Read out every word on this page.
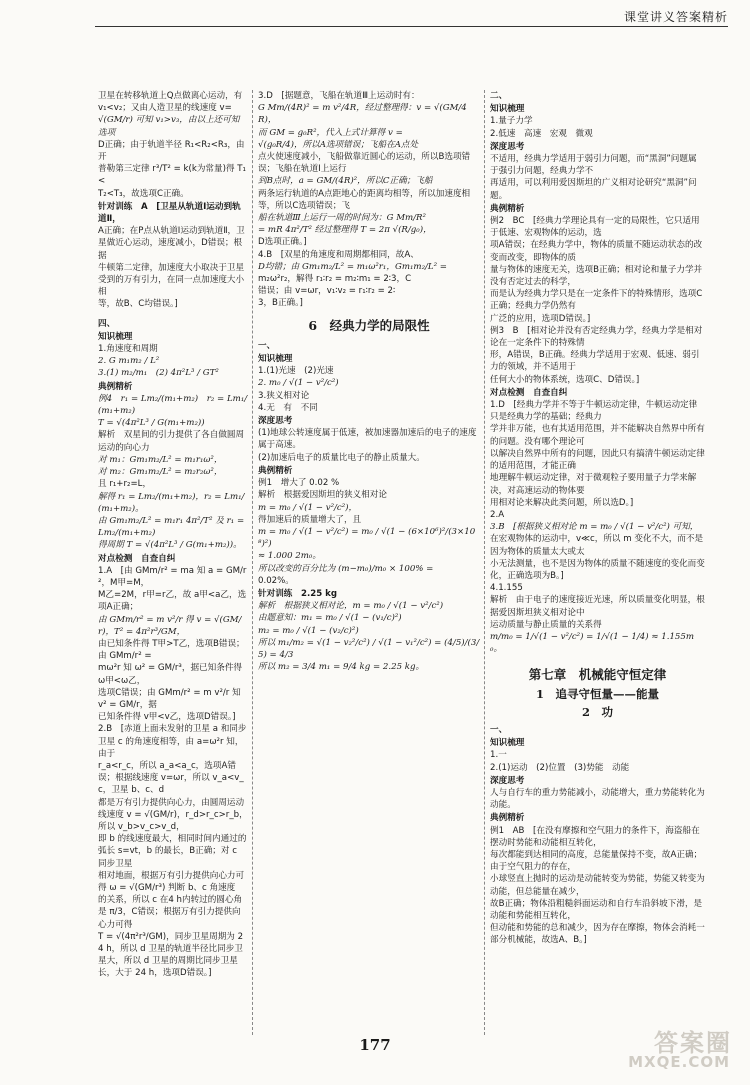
课堂讲义答案精析
卫星在转移轨道上Q点做离心运动，有 v₁<v₂；又由人造卫星的线速度 v=
√(GM/r) 可知 v₁>v₃，由以上还可知选项
D正确；由于轨道半径 R₁<R₂<R₃，由开
普勒第三定律 r³/T² = k(k为常量)得 T₁<
T₂<T₃，故选项C正确。
针对训练　A　[卫星从轨道Ⅰ运动到轨道Ⅱ，
A正确；在P点从轨道Ⅰ运动到轨道Ⅱ，卫星做近心运动，速度减小，D错误；根据
牛顿第二定律，加速度大小取决于卫星受到的万有引力，在同一点加速度大小相
等，故B、C均错误。]
四、
知识梳理
1.角速度和周期
2. G m₁m₂ / L²
3.(1) m₂/m₁　(2) 4π²L³ / GT²
典例精析
例4　r₁ = Lm₂/(m₁+m₂)　r₂ = Lm₁/(m₁+m₂)
T = √(4π²L³ / G(m₁+m₂))
解析　双星间的引力提供了各自做圆周运动的向心力
对 m₁：Gm₁m₂/L² = m₁r₁ω²，
对 m₂：Gm₁m₂/L² = m₂r₂ω²，
且 r₁+r₂=L，
解得 r₁ = Lm₂/(m₁+m₂)，r₂ = Lm₁/(m₁+m₂)。
由 Gm₁m₂/L² = m₁r₁ 4π²/T² 及 r₁ = Lm₂/(m₁+m₂)
得周期 T = √(4π²L³ / G(m₁+m₂))。
对点检测　自查自纠
1.A　[由 GMm/r² = ma 知 a = GM/r²，M甲=M，
M乙=2M，r甲=r乙，故 a甲<a乙，选项A正确；
由 GMm/r² = m v²/r 得 v = √(GM/r)，T² = 4π²r³/GM，
由已知条件得 T甲>T乙，选项B错误；由 GMm/r² =
mω²r 知 ω² = GM/r³，据已知条件得 ω甲<ω乙，
选项C错误；由 GMm/r² = m v²/r 知 v² = GM/r，据
已知条件得 v甲<v乙，选项D错误。]
2.B　[赤道上面未发射的卫星 a 和同步卫星 c 的角速度相等，由 a=ω²r 知，由于
r_a<r_c，所以 a_a<a_c，选项A错误；根据线速度 v=ωr，所以 v_a<v_c，卫星 b、c、d
都是万有引力提供向心力，由圆周运动线速度 v = √(GM/r)，r_d>r_c>r_b，所以 v_b>v_c>v_d，
即 b 的线速度最大，相同时间内通过的弧长 s=vt，b 的最长，B正确；对 c 同步卫星
相对地面，根据万有引力提供向心力可得 ω = √(GM/r³) 判断 b、c 角速度
的关系，所以 c 在4 h内转过的圆心角是 π/3，C错误；根据万有引力提供向心力可得
T = √(4π²r³/GM)，同步卫星周期为 24 h，所以 d 卫星的轨道半径比同步卫星大，所以 d 卫星的周期比同步卫星长，大于 24 h，选项D错误。]
3.D　[据题意，飞船在轨道Ⅲ上运动时有：
G Mm/(4R)² = m v²/4R，经过整理得：v = √(GM/4R)，
而 GM = g₀R²，代入上式计算得 v =
√(g₀R/4)，所以A选项错误；飞船在A点处
点火使速度减小，飞船做靠近圆心的运动，所以B选项错误；飞船在轨道Ⅰ上运行
到B点时，a = GM/(4R)²，所以C正确；飞船
两条运行轨道的A点距地心的距离均相等，所以加速度相等，所以C选项错误；飞
船在轨道Ⅲ上运行一周的时间为：G Mm/R²
= mR 4π²/T² 经过整理得 T = 2π √(R/g₀)，
D选项正确。]
4.B　[双星的角速度和周期都相同，故A、
D均错；由 Gm₁m₂/L² = m₁ω²r₁，Gm₁m₂/L² =
m₂ω²r₂，解得 r₁∶r₂ = m₂∶m₁ = 2∶3，C
错误；由 v=ωr，v₁∶v₂ = r₁∶r₂ = 2∶
3，B正确。]
6　经典力学的局限性
一、
知识梳理
1.(1)光速　(2)光速
2. m₀ / √(1 − v²/c²)
3.狭义相对论
4.无　有　不同
深度思考
(1)地球公转速度属于低速，被加速器加速后的电子的速度属于高速。
(2)加速后电子的质量比电子的静止质量大。
典例精析
例1　增大了 0.02 %
解析　根据爱因斯坦的狭义相对论
m = m₀ / √(1 − v²/c²)，
得加速后的质量增大了，且
m = m₀ / √(1 − v²/c²) = m₀ / √(1 − (6×10⁶)²/(3×10⁸)²)
≈ 1.000 2m₀。
所以改变的百分比为 (m−m₀)/m₀ × 100% =
0.02%。
针对训练　2.25 kg
解析　根据狭义相对论，m = m₀ / √(1 − v²/c²)
由题意知：m₁ = m₀ / √(1 − (v₁/c)²)
m₂ = m₀ / √(1 − (v₂/c)²)
所以 m₁/m₂ = √(1 − v₂²/c²) / √(1 − v₁²/c²) = (4/5)/(3/5) = 4/3
所以 m₂ = 3/4 m₁ = 9/4 kg = 2.25 kg。
二、
知识梳理
1.量子力学
2.低速　高速　宏观　微观
深度思考
不适用，经典力学适用于弱引力问题，而“黑洞”问题属于强引力问题，经典力学不
再适用，可以利用爱因斯坦的广义相对论研究“黑洞”问题。
典例精析
例2　BC　[经典力学理论具有一定的局限性，它只适用于低速、宏观物体的运动，选
项A错误；在经典力学中，物体的质量不随运动状态的改变而改变，即物体的质
量与物体的速度无关，选项B正确；相对论和量子力学并没有否定过去的科学，
而是认为经典力学只是在一定条件下的特殊情形，选项C正确；经典力学仍然有
广泛的应用，选项D错误。]
例3　B　[相对论并没有否定经典力学，经典力学是相对论在一定条件下的特殊情
形，A错误，B正确。经典力学适用于宏观、低速、弱引力的领域，并不适用于
任何大小的物体系统，选项C、D错误。]
对点检测　自查自纠
1.D　[经典力学并不等于牛顿运动定律，牛顿运动定律只是经典力学的基础；经典力
学并非万能，也有其适用范围，并不能解决自然界中所有的问题。没有哪个理论可
以解决自然界中所有的问题，因此只有搞清牛顿运动定律的适用范围，才能正确
地理解牛顿运动定律，对于微观粒子要用量子力学来解决，对高速运动的物体要
用相对论来解决此类问题，所以选D。]
2.A
3.B　[根据狭义相对论 m = m₀ / √(1 − v²/c²) 可知，
在宏观物体的运动中，v≪c，所以 m 变化不大，而不是因为物体的质量太大或太
小无法测量，也不是因为物体的质量不随速度的变化而变化，正确选项为B。]
4.1.155
解析　由于电子的速度接近光速，所以质量变化明显，根据爱因斯坦狭义相对论中
运动质量与静止质量的关系得
m/m₀ = 1/√(1 − v²/c²) = 1/√(1 − 1/4) ≈ 1.155m₀。
第七章　机械能守恒定律
1　追寻守恒量——能量
2　功
一、
知识梳理
1.一
2.(1)运动　(2)位置　(3)势能　动能
深度思考
人与自行车的重力势能减小，动能增大，重力势能转化为动能。
典例精析
例1　AB　[在没有摩擦和空气阻力的条件下，海盗船在摆动时势能和动能相互转化，
每次都能到达相同的高度，总能量保持不变，故A正确；由于空气阻力的存在，
小球竖直上抛时的运动是动能转变为势能，势能又转变为动能，但总能量在减少，
故B正确；物体沿粗糙斜面运动和自行车沿斜坡下滑，是动能和势能相互转化，
但动能和势能的总和减少，因为存在摩擦，物体会消耗一部分机械能，故选A、B。]
177	答案圈
MXQE.COM
